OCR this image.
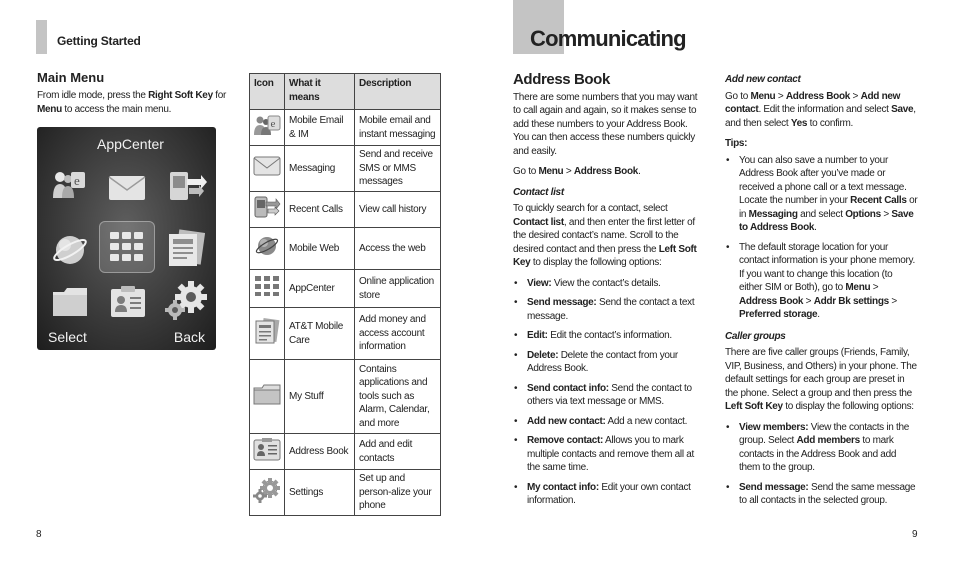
Getting Started
Main Menu
From idle mode, press the Right Soft Key for Menu to access the main menu.
AppCenter
e
Select	Back
Icon	What it means	Description

e	Mobile Email & IM	Mobile email and instant messaging
	Messaging	Send and receive SMS or MMS messages
	Recent Calls	View call history
	Mobile Web	Access the web
	AppCenter	Online application store
	AT&T Mobile Care	Add money and access account information
	My Stuff	Contains applications and tools such as Alarm, Calendar, and more
	Address Book	Add and edit contacts
	Settings	Set up and person-alize your phone
8
Communicating
Address Book

There are some numbers that you may want to call again and again, so it makes sense to add these numbers to your Address Book. You can then access these numbers quickly and easily.

Go to Menu > Address Book.

Contact list

To quickly search for a contact, select Contact list, and then enter the first letter of the desired contact’s name. Scroll to the desired contact and then press the Left Soft Key to display the following options:

• View: View the contact’s details.
• Send message: Send the contact a text message.
• Edit: Edit the contact’s information.
• Delete: Delete the contact from your Address Book.
• Send contact info: Send the contact to others via text message or MMS.
• Add new contact: Add a new contact.
• Remove contact: Allows you to mark multiple contacts and remove them all at the same time.
• My contact info: Edit your own contact information.
Add new contact

Go to Menu > Address Book > Add new contact. Edit the information and select Save, and then select Yes to confirm.

Tips:
• You can also save a number to your Address Book after you’ve made or received a phone call or a text message. Locate the number in your Recent Calls or in Messaging and select Options > Save to Address Book.
• The default storage location for your contact information is your phone memory. If you want to change this location (to either SIM or Both), go to Menu > Address Book > Addr Bk settings > Preferred storage.
Caller groups

There are five caller groups (Friends, Family, VIP, Business, and Others) in your phone. The default settings for each group are preset in the phone. Select a group and then press the Left Soft Key to display the following options:

• View members: View the contacts in the group. Select Add members to mark contacts in the Address Book and add them to the group.
• Send message: Send the same message to all contacts in the selected group.
9
